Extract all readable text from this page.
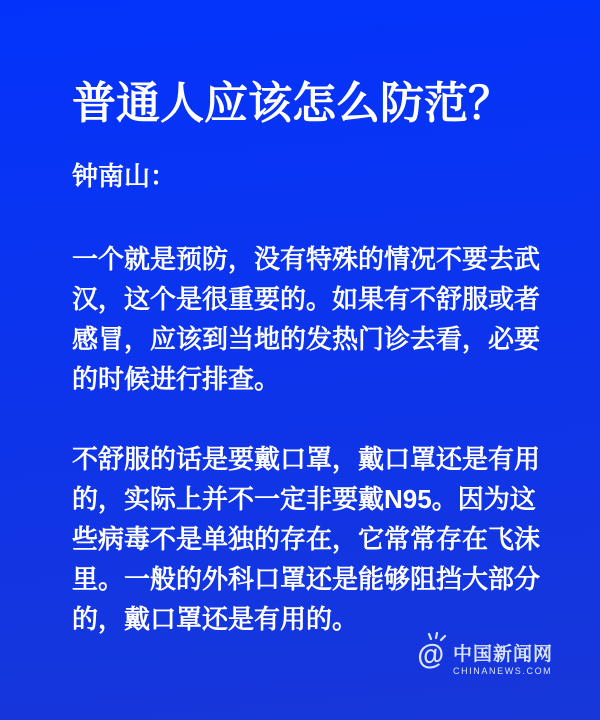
普通人应该怎么防范？
钟南山：

一个就是预防，没有特殊的情况不要去武汉，这个是很重要的。如果有不舒服或者感冒，应该到当地的发热门诊去看，必要的时候进行排查。

不舒服的话是要戴口罩，戴口罩还是有用的，实际上并不一定非要戴N95。因为这些病毒不是单独的存在，它常常存在飞沫里。一般的外科口罩还是能够阻挡大部分的，戴口罩还是有用的。

@ 中国新闻网
CHINANEWS.COM
